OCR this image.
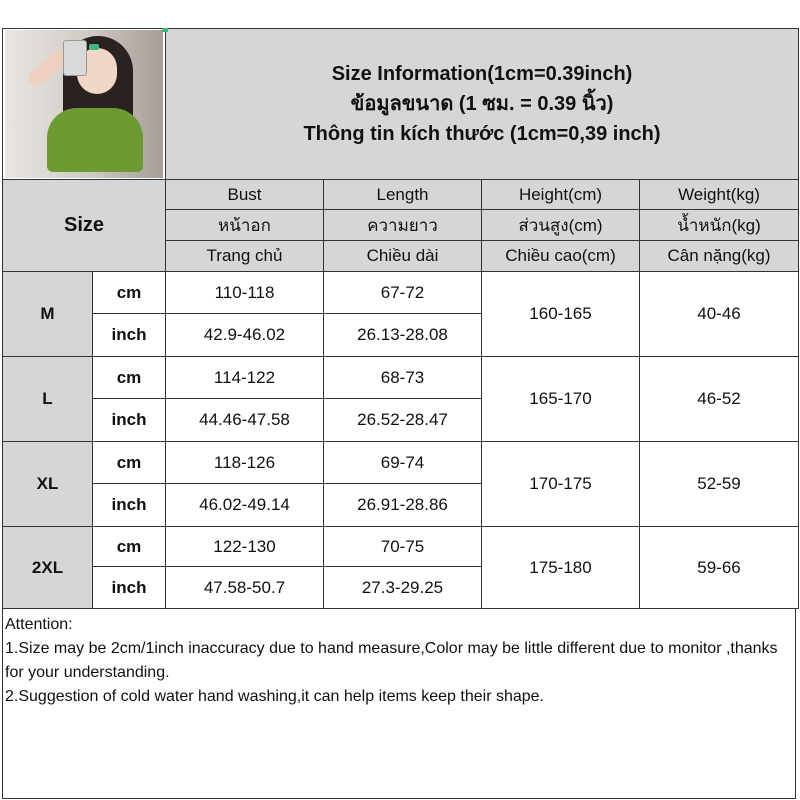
		Size Information(1cm=0.39inch)
ข้อมูลขนาด (1 ซม. = 0.39 นิ้ว)
Thông tin kích thước (1cm=0,39 inch)			

Size		Bust	Length	Height(cm)	Weight(kg)
		หน้าอก	ความยาว	ส่วนสูง(cm)	น้ำหนัก(kg)
		Trang chủ	Chiều dài	Chiều cao(cm)	Cân nặng(kg)
M	cm	110-118	67-72	160-165	40-46
	inch	42.9-46.02	26.13-28.08		
L	cm	114-122	68-73	165-170	46-52
	inch	44.46-47.58	26.52-28.47		
XL	cm	118-126	69-74	170-175	52-59
	inch	46.02-49.14	26.91-28.86		
2XL	cm	122-130	70-75	175-180	59-66
	inch	47.58-50.7	27.3-29.25		
Attention:
1.Size may be 2cm/1inch inaccuracy due to hand measure,Color may be little different due to monitor ,thanks for your understanding.
2.Suggestion of cold water hand washing,it can help items keep their shape.
